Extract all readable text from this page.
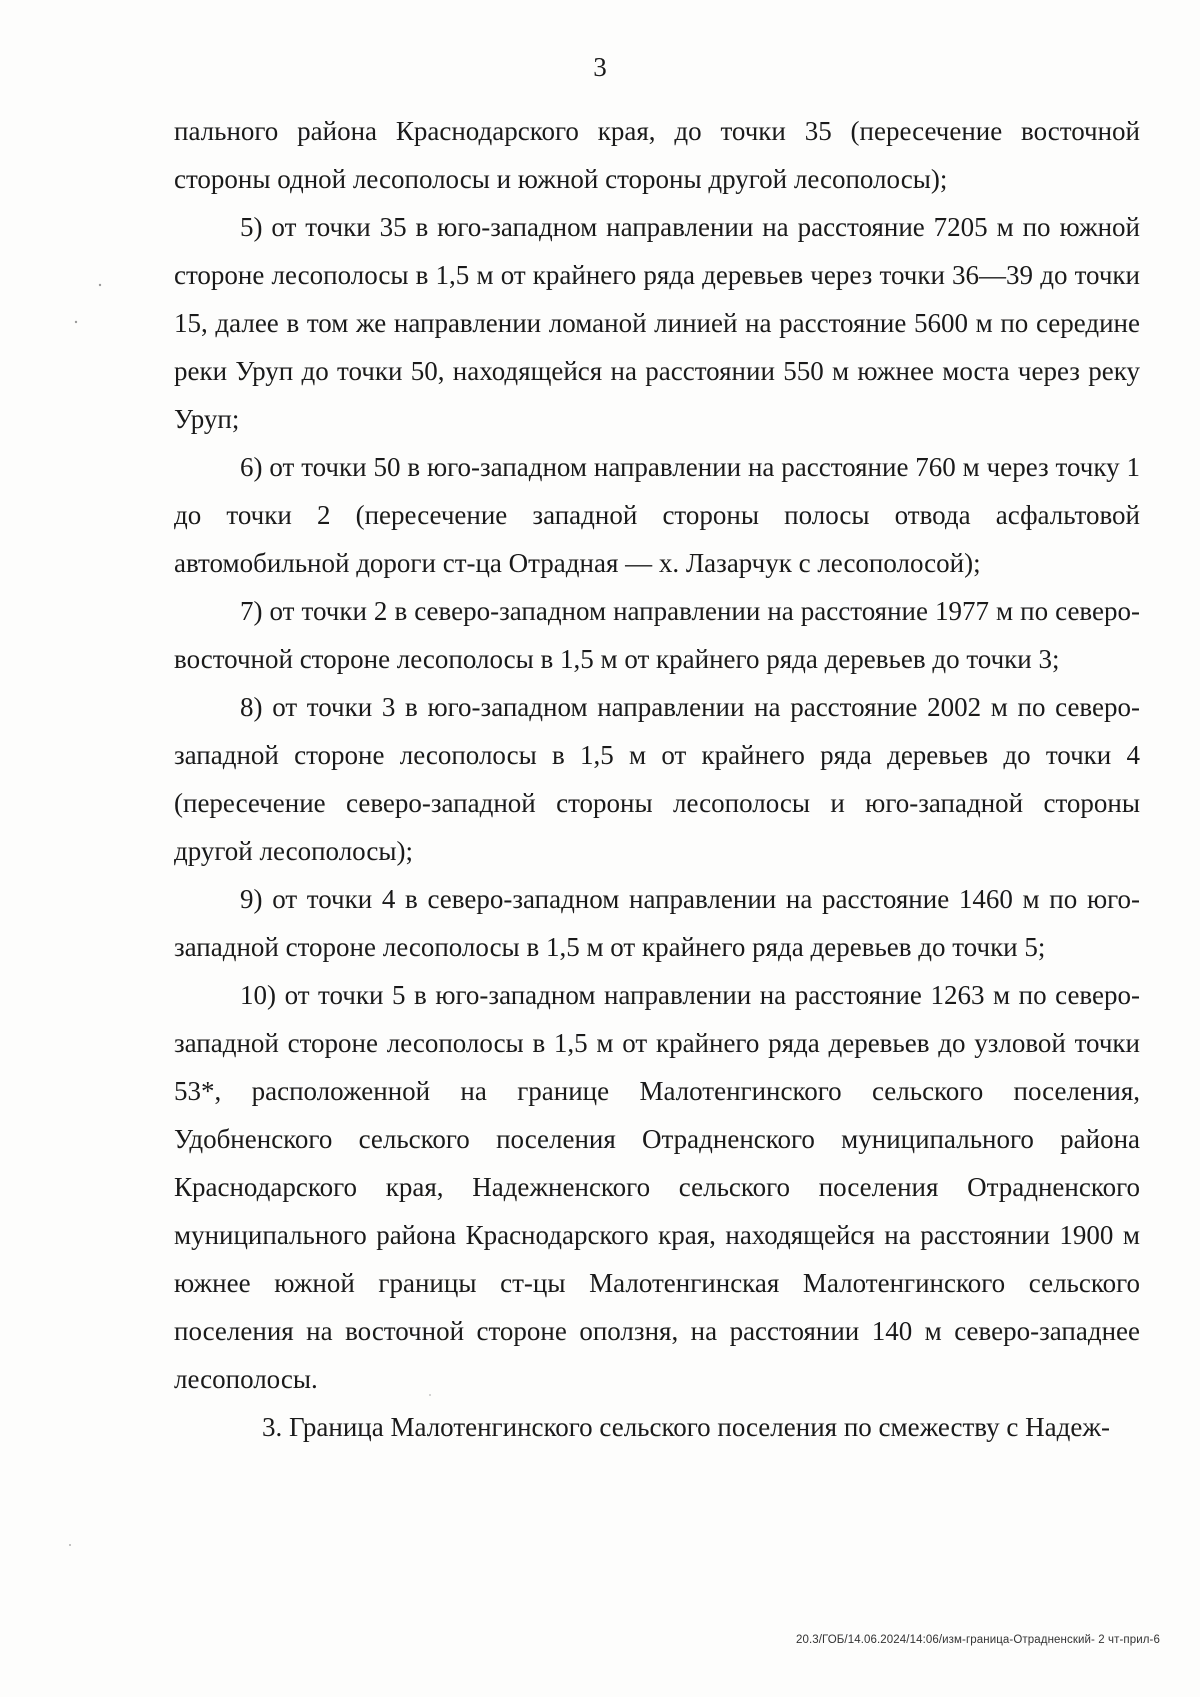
3

пального района Краснодарского края, до точки 35 (пересечение восточной стороны одной лесополосы и южной стороны другой лесополосы);

5) от точки 35 в юго-западном направлении на расстояние 7205 м по южной стороне лесополосы в 1,5 м от крайнего ряда деревьев через точки 36—39 до точки 15, далее в том же направлении ломаной линией на расстояние 5600 м по середине реки Уруп до точки 50, находящейся на расстоянии 550 м южнее моста через реку Уруп;

6) от точки 50 в юго-западном направлении на расстояние 760 м через точку 1 до точки 2 (пересечение западной стороны полосы отвода асфальтовой автомобильной дороги ст-ца Отрадная — х. Лазарчук с лесополосой);

7) от точки 2 в северо-западном направлении на расстояние 1977 м по северо-восточной стороне лесополосы в 1,5 м от крайнего ряда деревьев до точки 3;

8) от точки 3 в юго-западном направлении на расстояние 2002 м по северо-западной стороне лесополосы в 1,5 м от крайнего ряда деревьев до точки 4 (пересечение северо-западной стороны лесополосы и юго-западной стороны другой лесополосы);

9) от точки 4 в северо-западном направлении на расстояние 1460 м по юго-западной стороне лесополосы в 1,5 м от крайнего ряда деревьев до точки 5;

10) от точки 5 в юго-западном направлении на расстояние 1263 м по северо-западной стороне лесополосы в 1,5 м от крайнего ряда деревьев до узловой точки 53*, расположенной на границе Малотенгинского сельского поселения, Удобненского сельского поселения Отрадненского муниципального района Краснодарского края, Надежненского сельского поселения Отрадненского муниципального района Краснодарского края, находящейся на расстоянии 1900 м южнее южной границы ст-цы Малотенгинская Малотенгинского сельского поселения на восточной стороне оползня, на расстоянии 140 м северо-западнее лесополосы.

3. Граница Малотенгинского сельского поселения по смежеству с Надеж-

20.3/ГОБ/14.06.2024/14:06/изм-граница-Отрадненский- 2 чт-прил-6
